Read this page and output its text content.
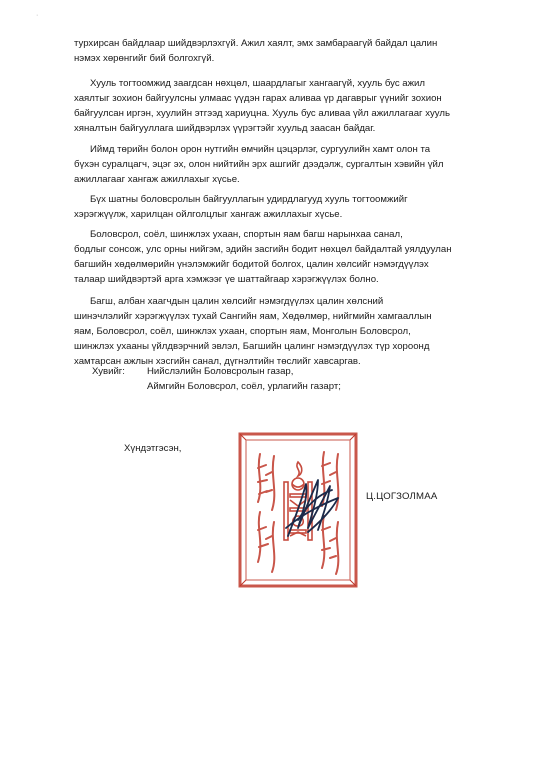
·

турхирсан байдлаар шийдвэрлэхгүй. Ажил хаялт, эмх замбараагүй байдал цалин
нэмэх хөрөнгийг бий болгохгүй.

Хууль тогтоомжид заагдсан нөхцөл, шаардлагыг хангаагүй, хууль бус ажил
хаялтыг зохион байгуулсны улмаас үүдэн гарах аливаа үр дагаврыг үүнийг зохион
байгуулсан иргэн, хуулийн этгээд хариуцна. Хууль бус аливаа үйл ажиллагааг хууль
хяналтын байгууллага шийдвэрлэх үүрэгтэйг хуульд заасан байдаг.

Иймд төрийн болон орон нутгийн өмчийн цэцэрлэг, сургуулийн хамт олон та
бүхэн суралцагч, эцэг эх, олон нийтийн эрх ашгийг дээдэлж, сургалтын хэвийн үйл
ажиллагааг хангаж ажиллахыг хүсье.

Бүх шатны боловсролын байгууллагын удирдлагууд хууль тогтоомжийг
хэрэгжүүлж, харилцан ойлголцлыг хангаж ажиллахыг хүсье.

Боловсрол, соёл, шинжлэх ухаан, спортын яам багш нарынхаа санал,
бодлыг сонсож, улс орны нийгэм, эдийн засгийн бодит нөхцөл байдалтай уялдуулан
багшийн хөдөлмөрийн үнэлэмжийг бодитой болгох, цалин хөлсийг нэмэгдүүлэх
талаар шийдвэртэй арга хэмжээг үе шаттайгаар хэрэгжүүлэх болно.

Багш, албан хаагчдын цалин хөлсийг нэмэгдүүлэх цалин хөлсний
шинэчлэлийг хэрэгжүүлэх тухай Сангийн яам, Хөдөлмөр, нийгмийн хамгааллын
яам, Боловсрол, соёл, шинжлэх ухаан, спортын яам, Монголын Боловсрол,
шинжлэх ухааны үйлдвэрчний эвлэл, Багшийн цалинг нэмэгдүүлэх түр хороонд
хамтарсан ажлын хэсгийн санал, дүгнэлтийн төслийг хавсаргав.

Хувийг: Нийслэлийн Боловсролын газар,
Аймгийн Боловсрол, соёл, урлагийн газарт;
Хүндэтгэсэн,
Ц.ЦОГЗОЛМАА
